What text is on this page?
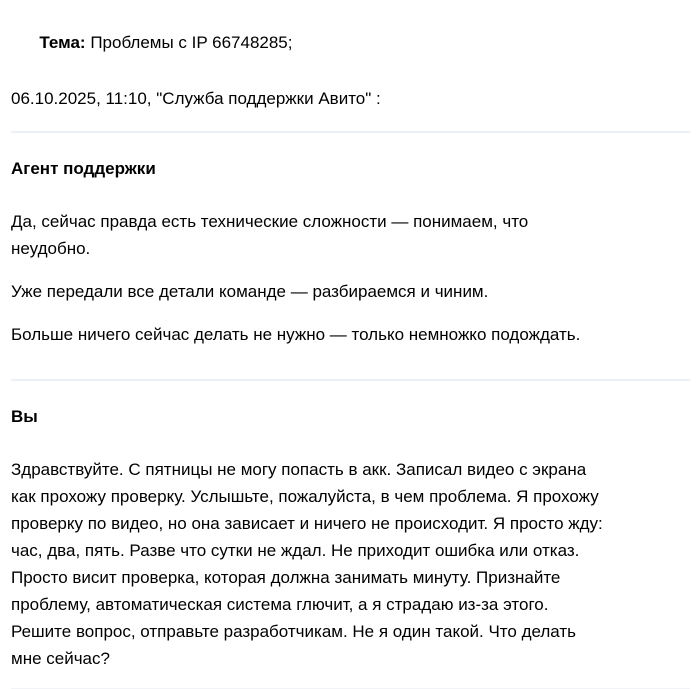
Тема: Проблемы с IP 66748285;

06.10.2025, 11:10, "Служба поддержки Авито" :
Агент поддержки
Да, сейчас правда есть технические сложности — понимаем, что
неудобно.
Уже передали все детали команде — разбираемся и чиним.
Больше ничего сейчас делать не нужно — только немножко подождать.
Вы
Здравствуйте. С пятницы не могу попасть в акк. Записал видео с экрана
как прохожу проверку. Услышьте, пожалуйста, в чем проблема. Я прохожу
проверку по видео, но она зависает и ничего не происходит. Я просто жду:
час, два, пять. Разве что сутки не ждал. Не приходит ошибка или отказ.
Просто висит проверка, которая должна занимать минуту. Признайте
проблему, автоматическая система глючит, а я страдаю из-за этого.
Решите вопрос, отправьте разработчикам. Не я один такой. Что делать
мне сейчас?
